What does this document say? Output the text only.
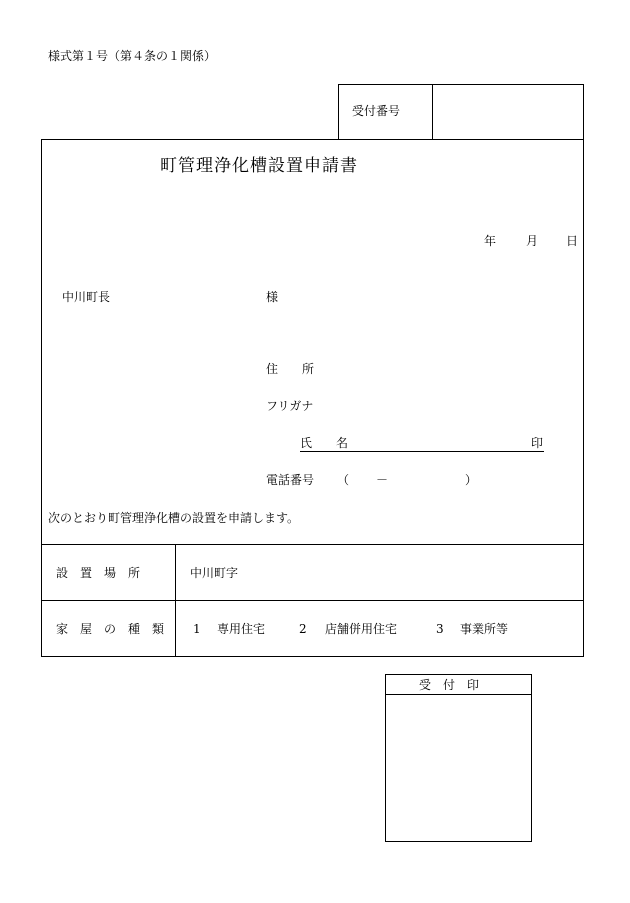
様式第１号（第４条の１関係）
受付番号
町管理浄化槽設置申請書
年 月 日
中川町長	様
住　　所
フリガナ
氏　　名	印
電話番号 （ －	）
次のとおり町管理浄化槽の設置を申請します。
設　置　場　所	中川町字
家　屋　の　種　類 1 専用住宅	2 店舗併用住宅	3 事業所等
受　付　印
